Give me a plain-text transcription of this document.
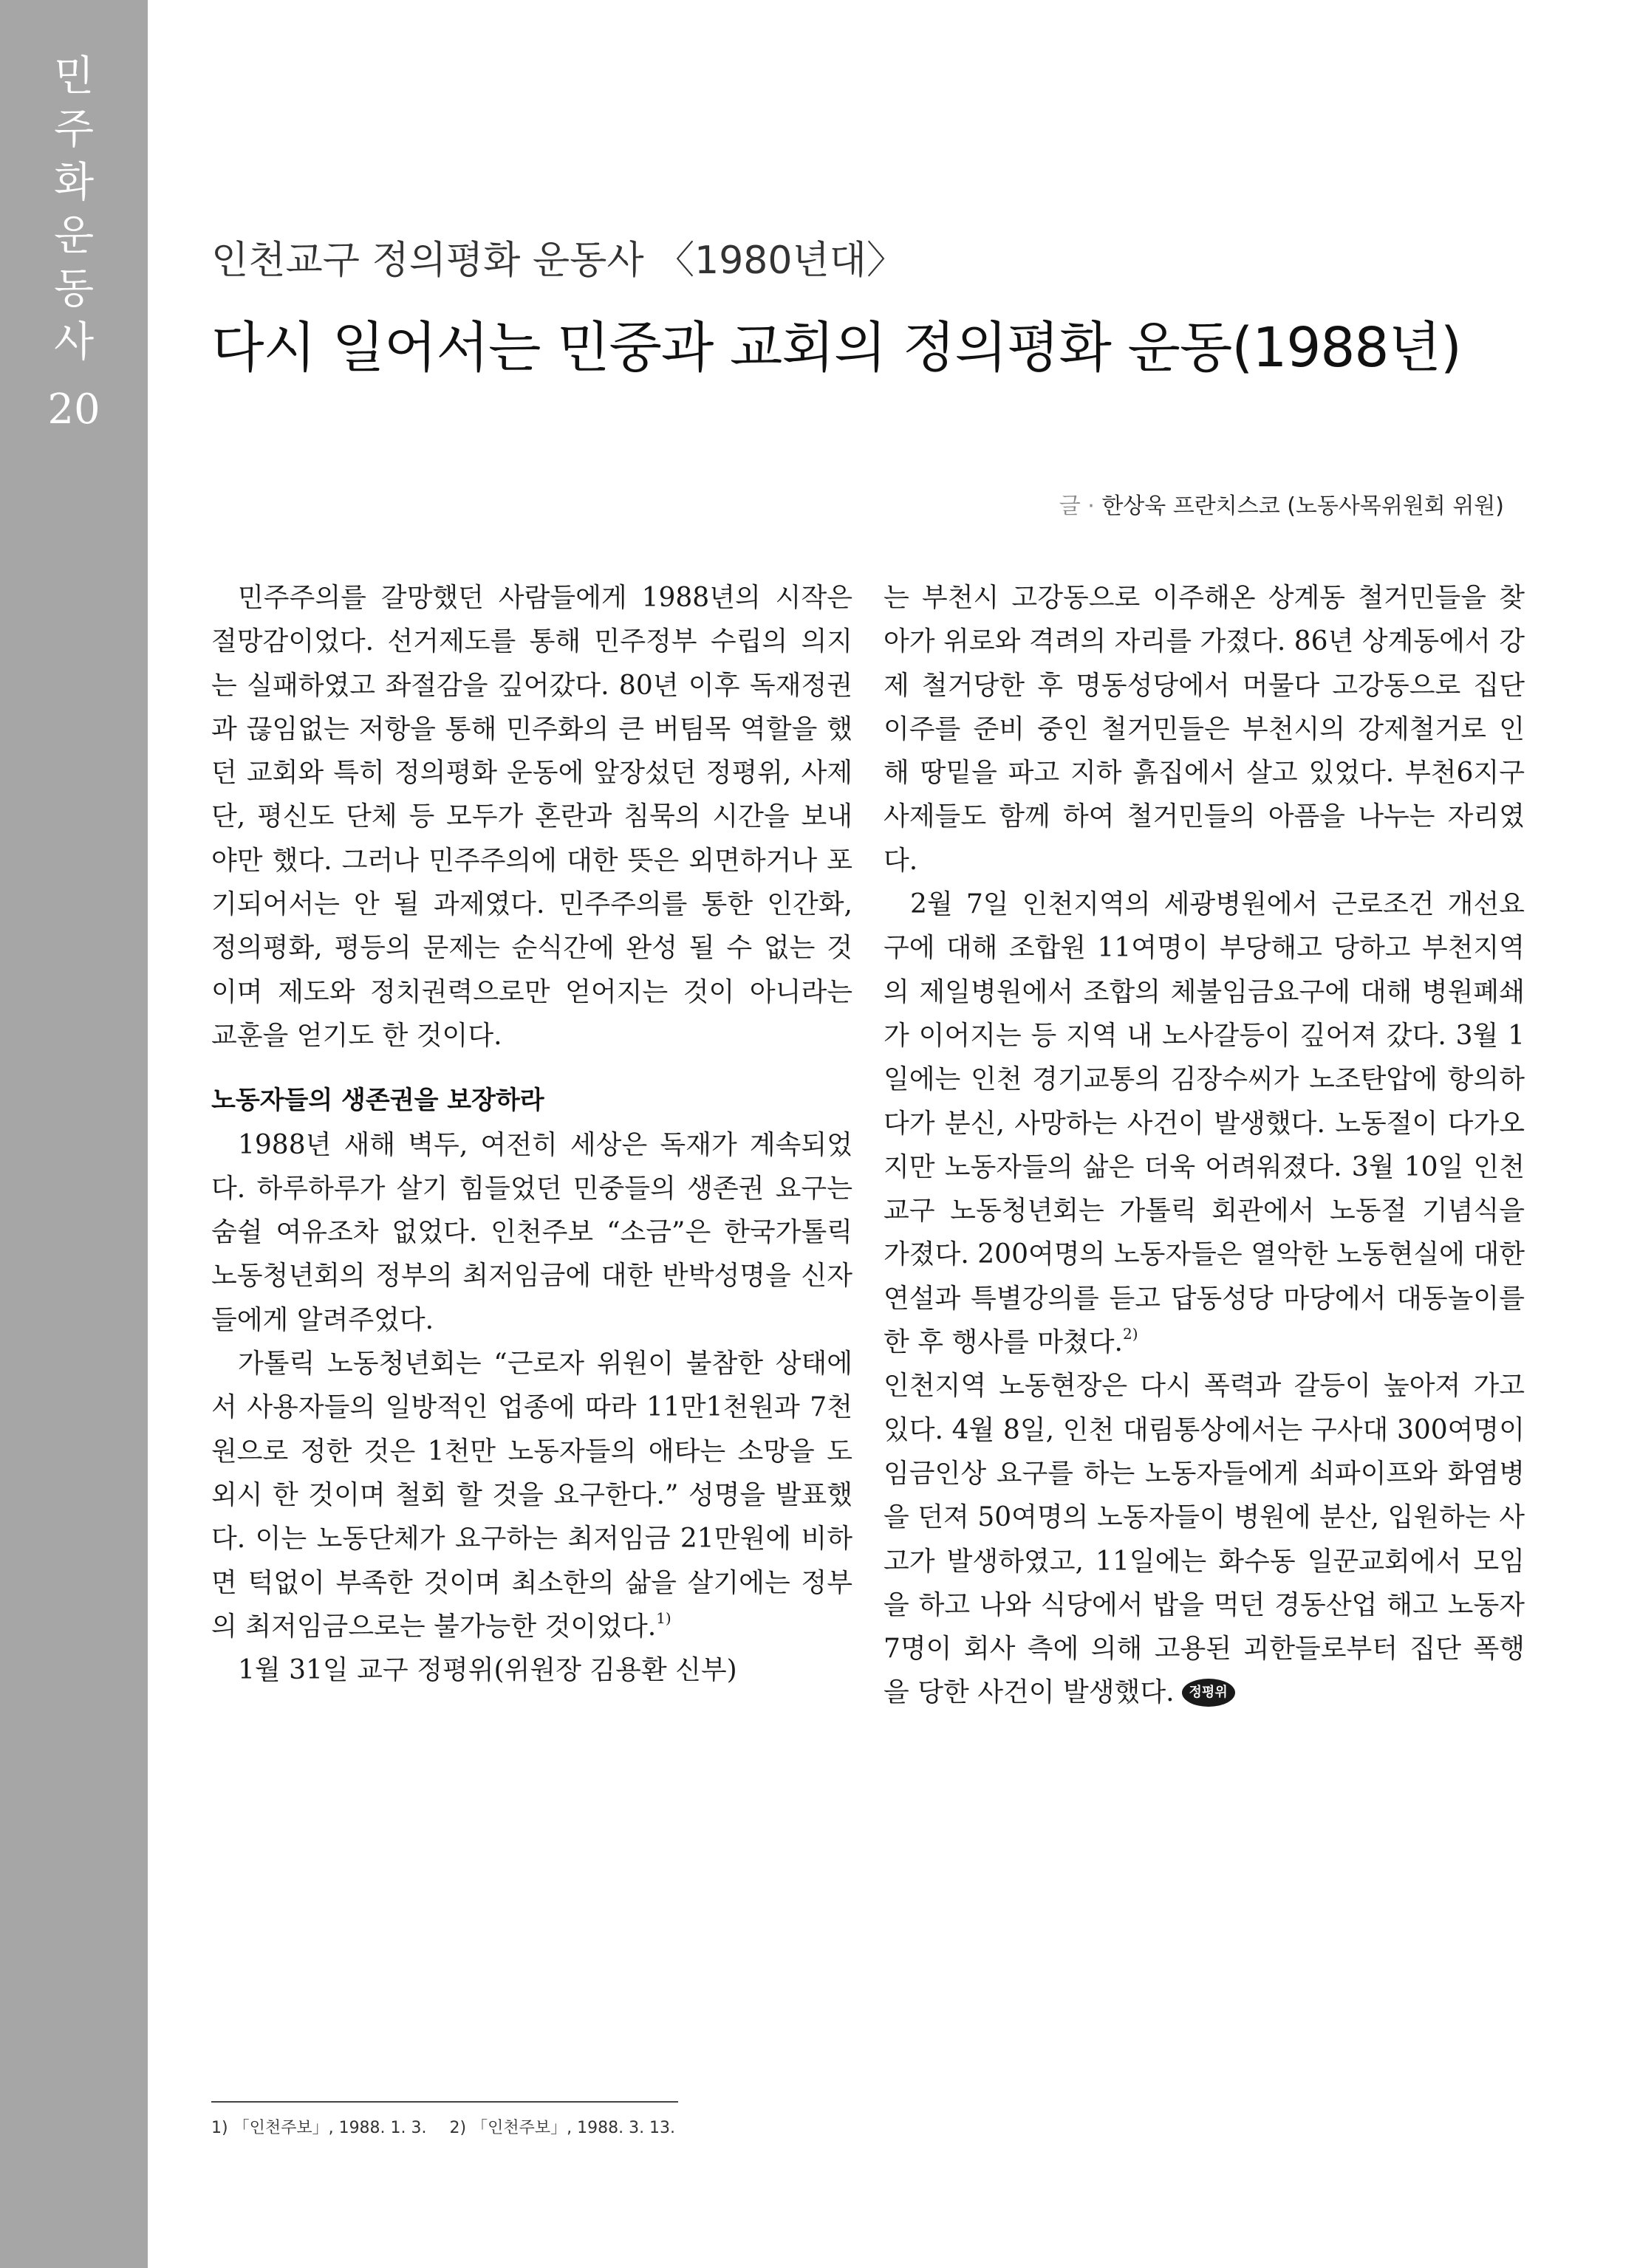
민
주
화
운
동
사
20
인천교구 정의평화 운동사 〈1980년대〉
다시 일어서는 민중과 교회의 정의평화 운동(1988년)
글 · 한상욱 프란치스코 (노동사목위원회 위원)

민주주의를 갈망했던 사람들에게 1988년의 시작은 절망감이었다. 선거제도를 통해 민주정부 수립의 의지는 실패하였고 좌절감을 깊어갔다. 80년 이후 독재정권과 끊임없는 저항을 통해 민주화의 큰 버팀목 역할을 했던 교회와 특히 정의평화 운동에 앞장섰던 정평위, 사제단, 평신도 단체 등 모두가 혼란과 침묵의 시간을 보내야만 했다. 그러나 민주주의에 대한 뜻은 외면하거나 포기되어서는 안 될 과제였다. 민주주의를 통한 인간화, 정의평화, 평등의 문제는 순식간에 완성 될 수 없는 것이며 제도와 정치권력으로만 얻어지는 것이 아니라는 교훈을 얻기도 한 것이다.

노동자들의 생존권을 보장하라

1988년 새해 벽두, 여전히 세상은 독재가 계속되었다. 하루하루가 살기 힘들었던 민중들의 생존권 요구는 숨쉴 여유조차 없었다. 인천주보 “소금”은 한국가톨릭 노동청년회의 정부의 최저임금에 대한 반박성명을 신자들에게 알려주었다.

가톨릭 노동청년회는 “근로자 위원이 불참한 상태에서 사용자들의 일방적인 업종에 따라 11만1천원과 7천원으로 정한 것은 1천만 노동자들의 애타는 소망을 도외시 한 것이며 철회 할 것을 요구한다.” 성명을 발표했다. 이는 노동단체가 요구하는 최저임금 21만원에 비하면 턱없이 부족한 것이며 최소한의 삶을 살기에는 정부의 최저임금으로는 불가능한 것이었다.$^{1)}$

1월 31일 교구 정평위(위원장 김용환 신부)

는 부천시 고강동으로 이주해온 상계동 철거민들을 찾아가 위로와 격려의 자리를 가졌다. 86년 상계동에서 강제 철거당한 후 명동성당에서 머물다 고강동으로 집단 이주를 준비 중인 철거민들은 부천시의 강제철거로 인해 땅밑을 파고 지하 흙집에서 살고 있었다. 부천6지구 사제들도 함께 하여 철거민들의 아픔을 나누는 자리였다.

2월 7일 인천지역의 세광병원에서 근로조건 개선요구에 대해 조합원 11여명이 부당해고 당하고 부천지역의 제일병원에서 조합의 체불임금요구에 대해 병원폐쇄가 이어지는 등 지역 내 노사갈등이 깊어져 갔다. 3월 1일에는 인천 경기교통의 김장수씨가 노조탄압에 항의하다가 분신, 사망하는 사건이 발생했다. 노동절이 다가오지만 노동자들의 삶은 더욱 어려워졌다. 3월 10일 인천교구 노동청년회는 가톨릭 회관에서 노동절 기념식을 가졌다. 200여명의 노동자들은 열악한 노동현실에 대한 연설과 특별강의를 듣고 답동성당 마당에서 대동놀이를 한 후 행사를 마쳤다.$^{2)}$

인천지역 노동현장은 다시 폭력과 갈등이 높아져 가고 있다. 4월 8일, 인천 대림통상에서는 구사대 300여명이 임금인상 요구를 하는 노동자들에게 쇠파이프와 화염병을 던져 50여명의 노동자들이 병원에 분산, 입원하는 사고가 발생하였고, 11일에는 화수동 일꾼교회에서 모임을 하고 나와 식당에서 밥을 먹던 경동산업 해고 노동자 7명이 회사 측에 의해 고용된 괴한들로부터 집단 폭행을 당한 사건이 발생했다. 정평위

1) 「인천주보」, 1988. 1. 3. 2) 「인천주보」, 1988. 3. 13.
